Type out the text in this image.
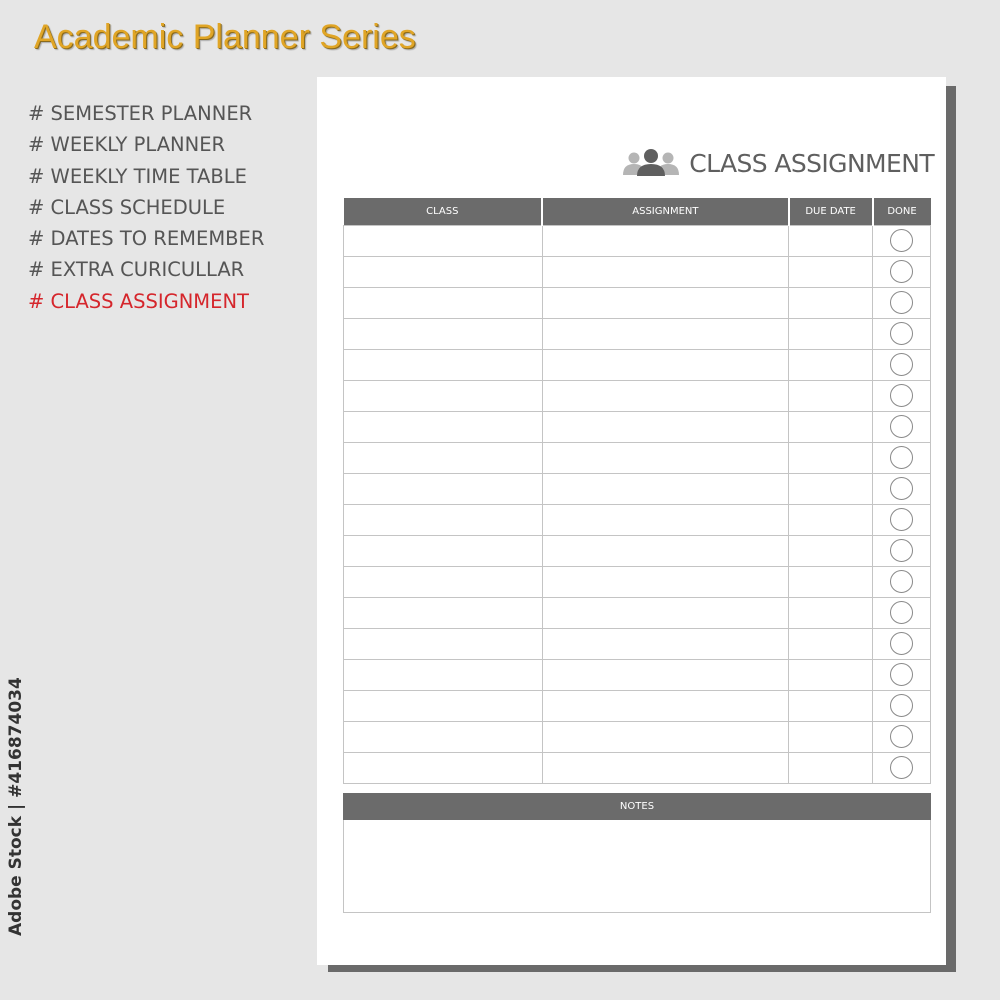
Academic Planner Series
# SEMESTER PLANNER
# WEEKLY PLANNER
# WEEKLY TIME TABLE
# CLASS SCHEDULE
# DATES TO REMEMBER
# EXTRA CURICULLAR
# CLASS ASSIGNMENT
Adobe Stock | #416874034
CLASS ASSIGNMENT
CLASS	ASSIGNMENT	DUE DATE	DONE

NOTES
